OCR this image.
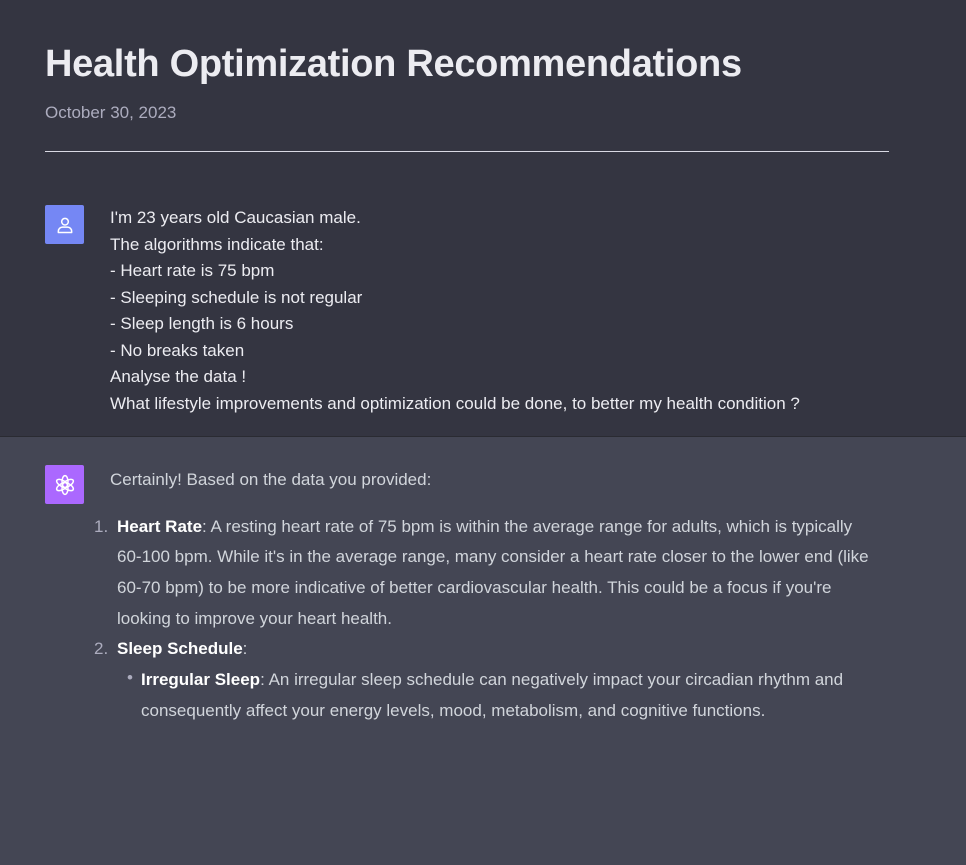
Health Optimization Recommendations
October 30, 2023
I'm 23 years old Caucasian male.
The algorithms indicate that:
- Heart rate is 75 bpm
- Sleeping schedule is not regular
- Sleep length is 6 hours
- No breaks taken
Analyse the data !
What lifestyle improvements and optimization could be done, to better my health condition ?
Certainly! Based on the data you provided:
1. Heart Rate: A resting heart rate of 75 bpm is within the average range for adults, which is typically 60-100 bpm. While it's in the average range, many consider a heart rate closer to the lower end (like 60-70 bpm) to be more indicative of better cardiovascular health. This could be a focus if you're looking to improve your heart health.
2. Sleep Schedule:
• Irregular Sleep: An irregular sleep schedule can negatively impact your circadian rhythm and consequently affect your energy levels, mood, metabolism, and cognitive functions.
